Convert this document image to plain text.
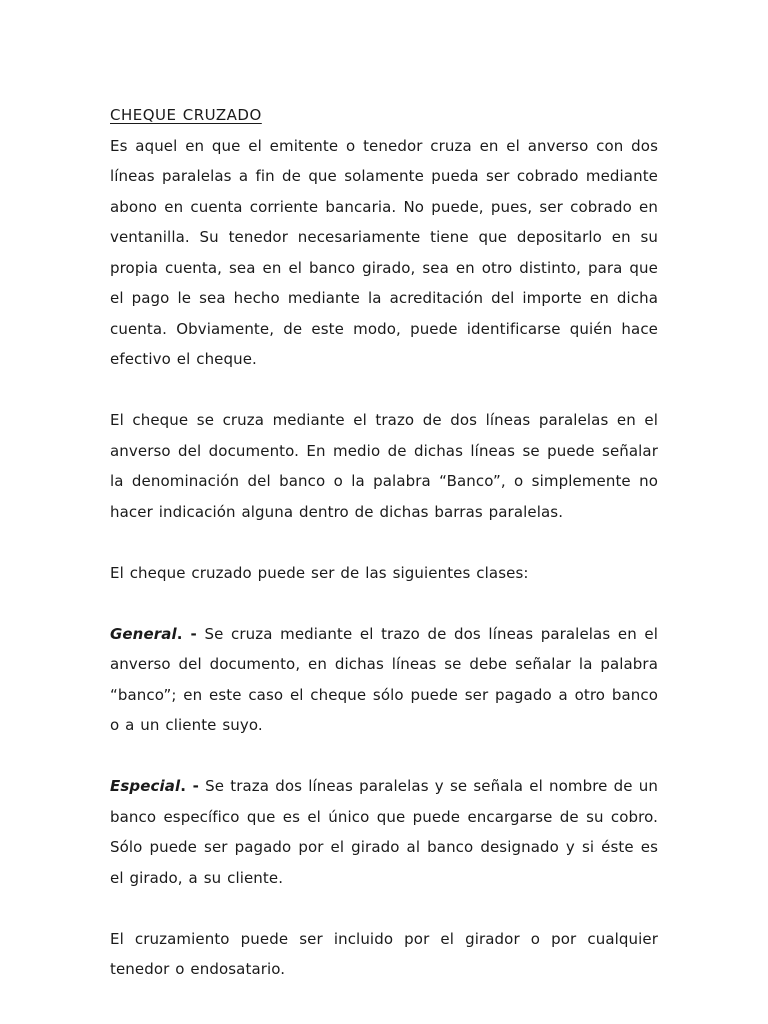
CHEQUE CRUZADO

Es aquel en que el emitente o tenedor cruza en el anverso con dos líneas paralelas a fin de que solamente pueda ser cobrado mediante abono en cuenta corriente bancaria. No puede, pues, ser cobrado en ventanilla. Su tenedor necesariamente tiene que depositarlo en su propia cuenta, sea en el banco girado, sea en otro distinto, para que el pago le sea hecho mediante la acreditación del importe en dicha cuenta. Obviamente, de este modo, puede identificarse quién hace efectivo el cheque.

El cheque se cruza mediante el trazo de dos líneas paralelas en el anverso del documento. En medio de dichas líneas se puede señalar la denominación del banco o la palabra “Banco”, o simplemente no hacer indicación alguna dentro de dichas barras paralelas.

El cheque cruzado puede ser de las siguientes clases:

General. - Se cruza mediante el trazo de dos líneas paralelas en el anverso del documento, en dichas líneas se debe señalar la palabra “banco”; en este caso el cheque sólo puede ser pagado a otro banco o a un cliente suyo.

Especial. - Se traza dos líneas paralelas y se señala el nombre de un banco específico que es el único que puede encargarse de su cobro. Sólo puede ser pagado por el girado al banco designado y si éste es el girado, a su cliente.

El cruzamiento puede ser incluido por el girador o por cualquier tenedor o endosatario.
